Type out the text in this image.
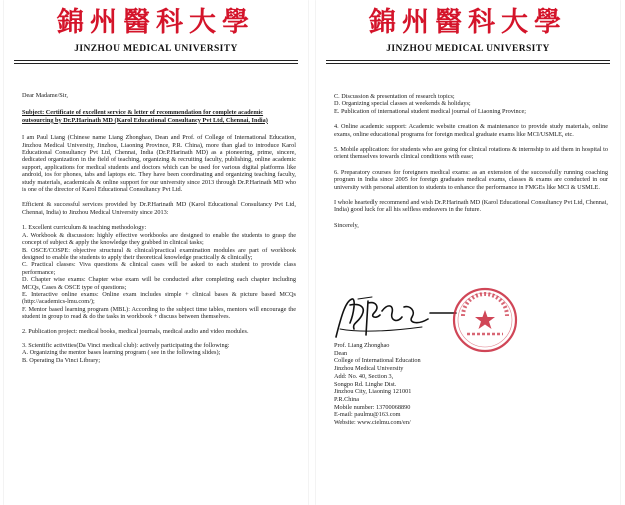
錦州醫科大學
JINZHOU MEDICAL UNIVERSITY

Dear Madame/Sir,

Subject: Certificate of excellent service & letter of recommendation for complete academic outsourcing by Dr.P.Harinath MD (Karol Educational Consultancy Pvt Ltd, Chennai, India)

I am Paul Liang (Chinese name Liang Zhonghao, Dean and Prof. of College of International Education, Jinzhou Medical University, Jinzhou, Liaoning Province, P.R. China), more than glad to introduce Karol Educational Consultancy Pvt Ltd, Chennai, India (Dr.P.Harinath MD) as a pioneering, prime, sincere, dedicated organization in the field of teaching, organizing & recruiting faculty, publishing, online academic support, applications for medical students and doctors which can be used for various digital platforms like android, ios for phones, tabs and laptops etc. They have been coordinating and organizing teaching faculty, study materials, academicals & online support for our university since 2013 through Dr.P.Harinath MD who is one of the director of Karol Educational Consultancy Pvt Ltd.

Efficient & successful services provided by Dr.P.Harinath MD (Karol Educational Consultancy Pvt Ltd, Chennai, India) to Jinzhou Medical University since 2013:

1. Excellent curriculum & teaching methodology:

A. Workbook & discussion: highly effective workbooks are designed to enable the students to grasp the concept of subject & apply the knowledge they grabbed in clinical tasks;

B. OSCE/COSPE: objective structural & clinical/practical examination modules are part of workbook designed to enable the students to apply their theoretical knowledge practically & clinically;

C. Practical classes: Viva questions & clinical cases will be asked to each student to provide class performance;

D. Chapter wise exams: Chapter wise exam will be conducted after completing each chapter including MCQs, Cases & OSCE type of questions;

E. Interactive online exams: Online exam includes simple + clinical bases & picture based MCQs (http://academics-lmu.com/);

F. Mentor based learning program (MBL): According to the subject time tables, mentors will encourage the student in group to read & do the tasks in workbook + discuss between themselves.

2. Publication project: medical books, medical journals, medical audio and video modules.

3. Scientific activities(Da Vinci medical club): actively participating the following:

A. Organizing the mentor bases learning program ( see in the following slides);

B. Operating Da Vinci Library;

錦州醫科大學
JINZHOU MEDICAL UNIVERSITY

C. Discussion & presentation of research topics;

D. Organizing special classes at weekends & holidays;

E. Publication of international student medical journal of Liaoning Province;

4. Online academic support: Academic website creation & maintenance to provide study materials, online exams, online educational programs for foreign medical graduate exams like MCI/USMLE, etc.

5. Mobile application: for students who are going for clinical rotations & internship to aid them in hospital to orient themselves towards clinical conditions with ease;

6. Preparatory courses for foreigners medical exams: as an extension of the successfully running coaching program in India since 2005 for foreign graduates medical exams, classes & exams are conducted in our university with personal attention to students to enhance the performance in FMGEs like MCI & USMLE.

I whole heartedly recommend and wish Dr.P.Harinath MD (Karol Educational Consultancy Pvt Ltd, Chennai, India) good luck for all his selfless endeavers in the future.

Sincerely,

Prof. Liang Zhonghao

Dean

College of International Education

Jinzhou Medical University

Add: No. 40, Section 3,

Songpo Rd. Linghe Dist.

Jinzhou City, Liaoning 121001

P.R.China

Mobile number: 13700068890

E-mail: paulmu@163.com

Website: www.cielmu.com/en/
